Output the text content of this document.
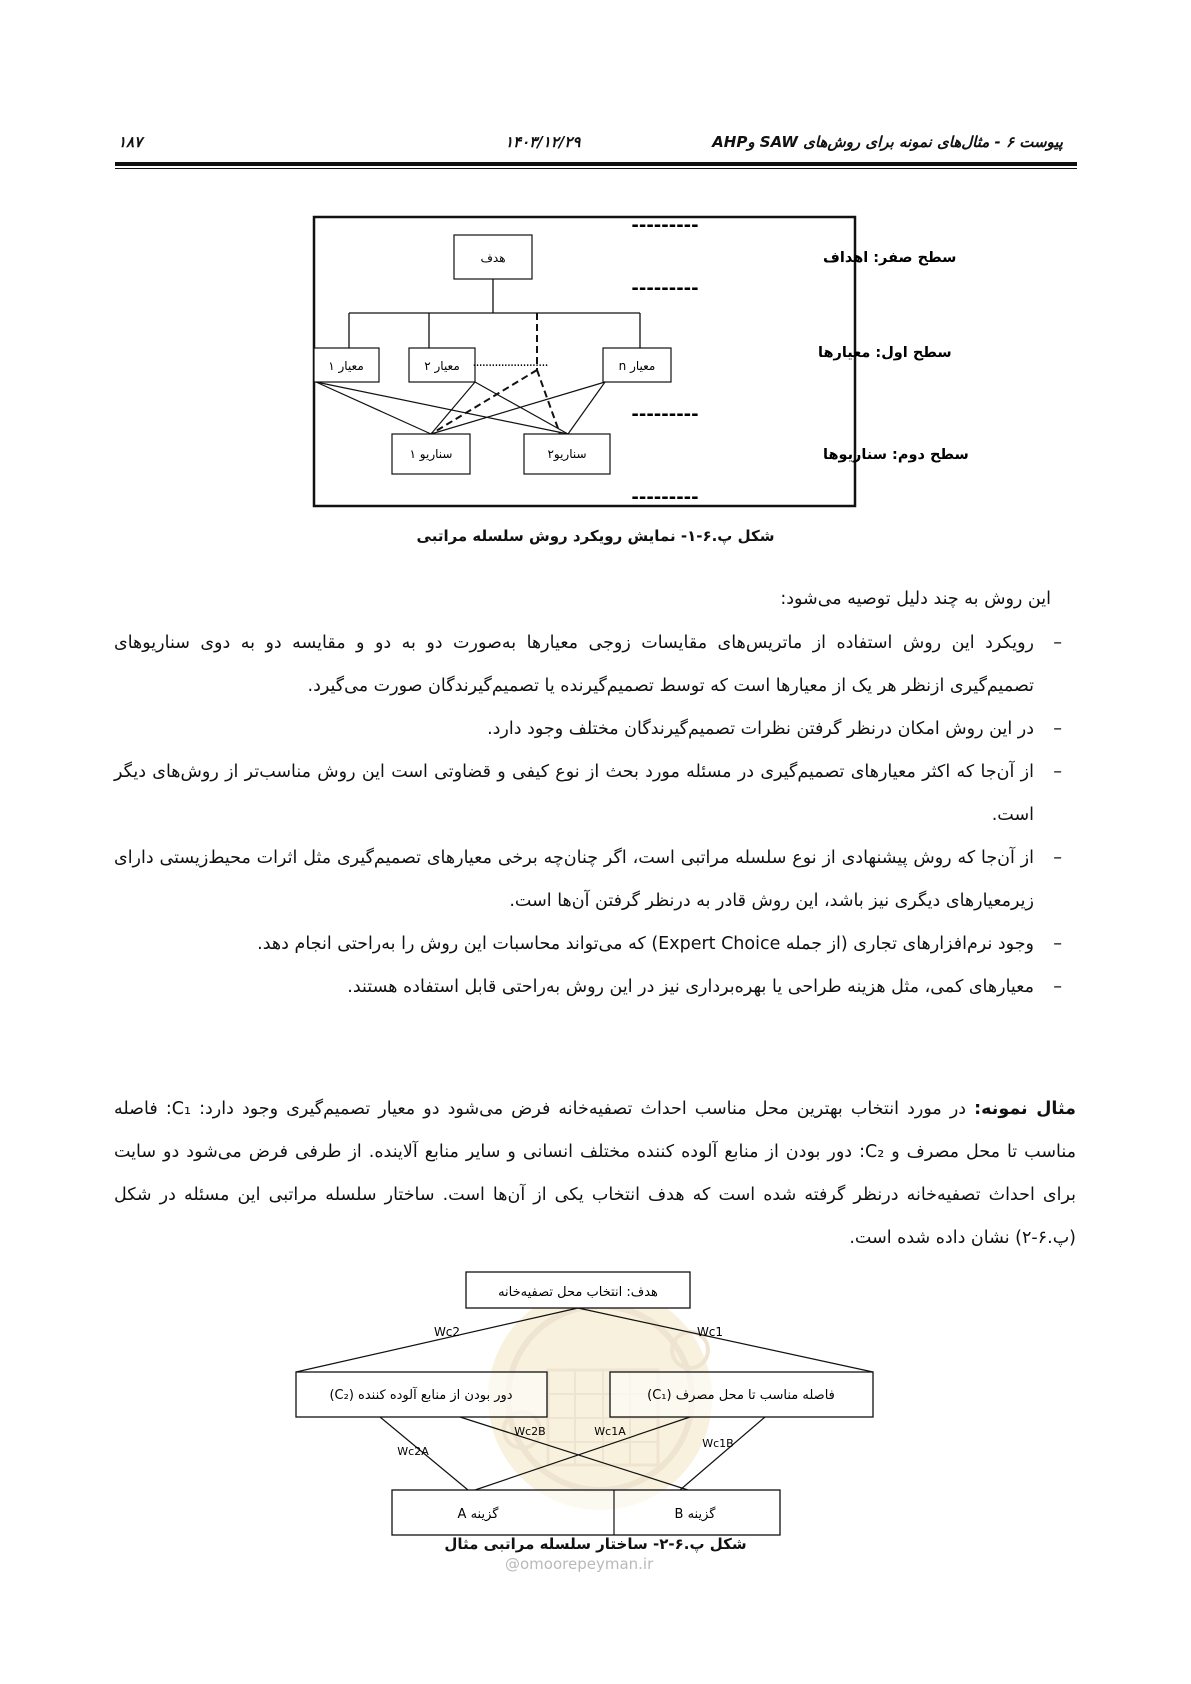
پیوست ۶ - مثال‌های نمونه برای روش‌های SAW وAHP
۱۴۰۳/۱۲/۲۹
۱۸۷
---------
---------
---------
---------
سطح صفر: اهداف
سطح اول: معیارها
سطح دوم: سناریوها
هدف
معیار ۱	معیار ۲	معیار n
........................
سناریو ۱	سناریو۲
شکل پ.۶-۱- نمایش رویکرد روش سلسله مراتبی
این روش به چند دلیل توصیه می‌شود:
–
رویکرد این روش استفاده از ماتریس‌های مقایسات زوجی معیارها به‌صورت دو به دو و مقایسه دو به دوی سناریوهای تصمیم‌گیری ازنظر هر یک از معیارها است که توسط تصمیم‌گیرنده یا تصمیم‌گیرندگان صورت می‌گیرد.
–
در این روش امکان درنظر گرفتن نظرات تصمیم‌گیرندگان مختلف وجود دارد.
–
از آن‌جا که اکثر معیارهای تصمیم‌گیری در مسئله مورد بحث از نوع کیفی و قضاوتی است این روش مناسب‌تر از روش‌های دیگر است.
–
از آن‌جا که روش پیشنهادی از نوع سلسله مراتبی است، اگر چنان‌چه برخی معیارهای تصمیم‌گیری مثل اثرات محیط‌زیستی دارای زیرمعیارهای دیگری نیز باشد، این روش قادر به درنظر گرفتن آن‌ها است.
–
وجود نرم‌افزارهای تجاری (از جمله Expert Choice) که می‌تواند محاسبات این روش را به‌راحتی انجام دهد.
–
معیارهای کمی، مثل هزینه طراحی یا بهره‌برداری نیز در این روش به‌راحتی قابل استفاده هستند.
مثال نمونه: در مورد انتخاب بهترین محل مناسب احداث تصفیه‌خانه فرض می‌شود دو معیار تصمیم‌گیری وجود دارد: C₁: فاصله مناسب تا محل مصرف و C₂: دور بودن از منابع آلوده کننده مختلف انسانی و سایر منابع آلاینده. از طرفی فرض می‌شود دو سایت برای احداث تصفیه‌خانه درنظر گرفته شده است که هدف انتخاب یکی از آن‌ها است. ساختار سلسله مراتبی این مسئله در شکل (پ.۶-۲) نشان داده شده است.
هدف: انتخاب محل تصفیه‌خانه
Wc2	Wc1
دور بودن از منابع آلوده کننده (C₂)	فاصله مناسب تا محل مصرف (C₁)
Wc2A
Wc2B	Wc1A
Wc1B
گزینه A	گزینه B
شکل پ.۶-۲- ساختار سلسله مراتبی مثال
@omoorepeyman.ir
